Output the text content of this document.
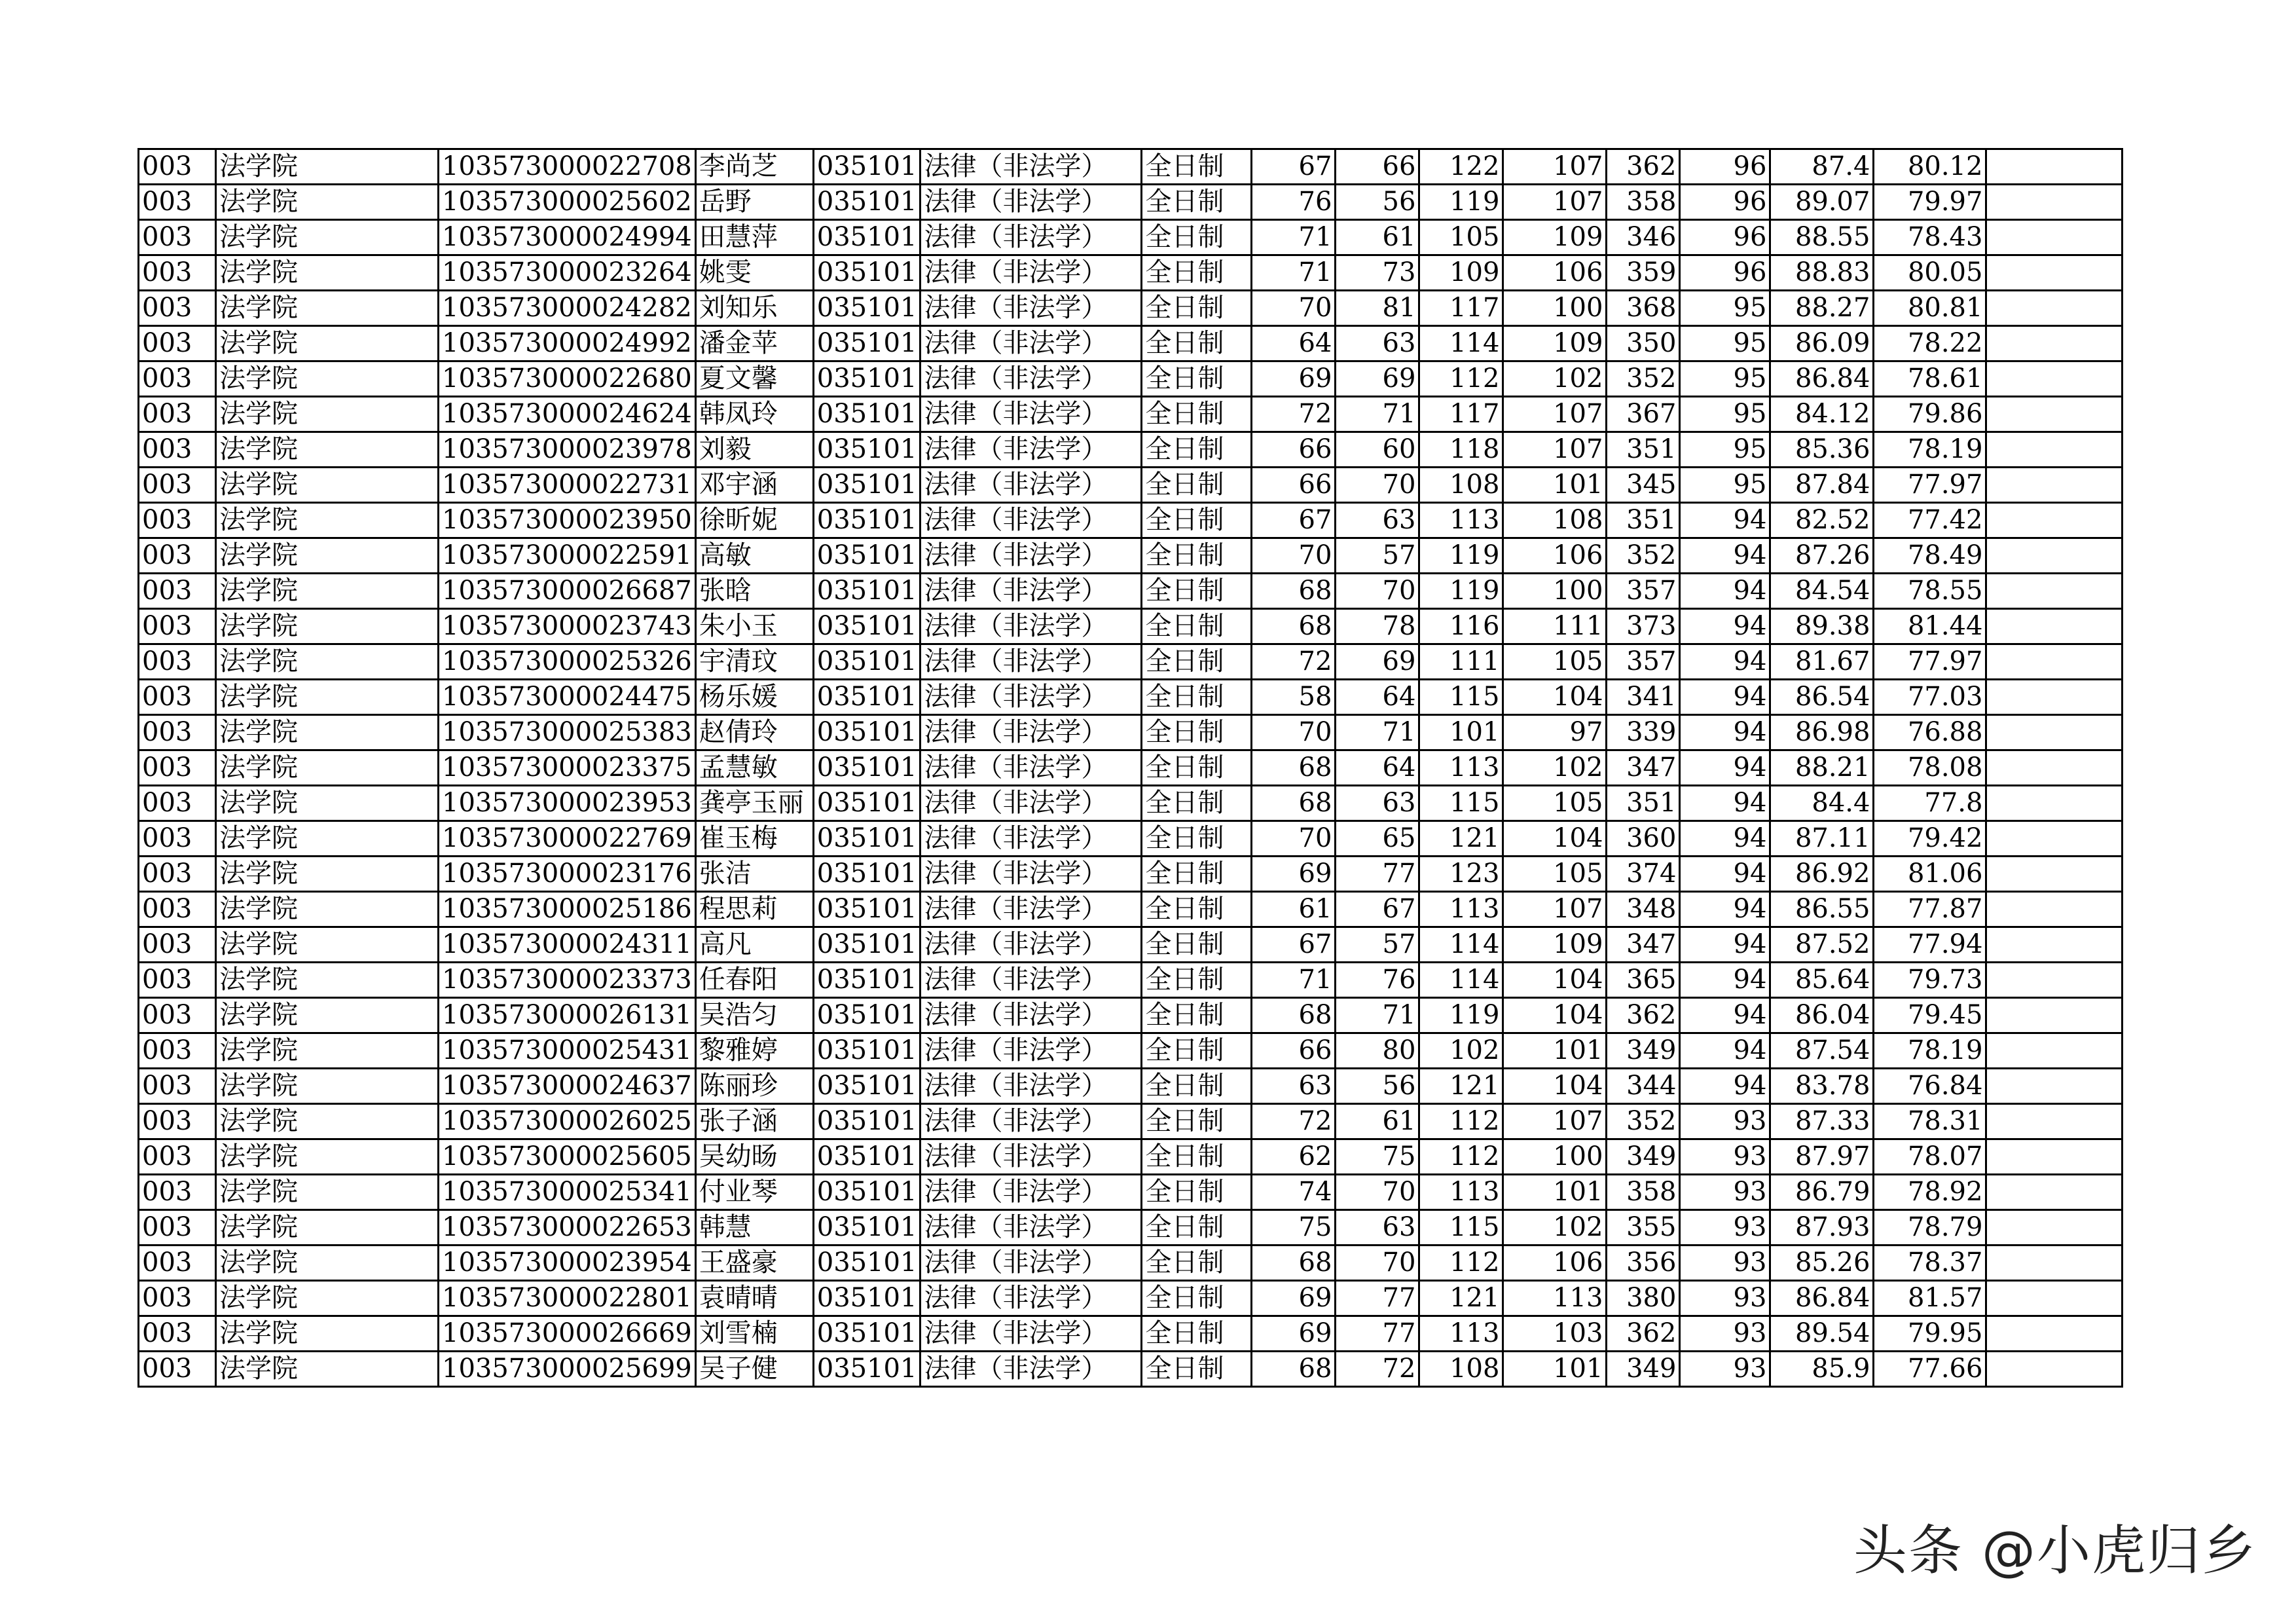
003	法学院	103573000022708	李尚芝	035101	法律（非法学）	全日制	67	66	122	107	362	96	87.4	80.12	
003	法学院	103573000025602	岳野	035101	法律（非法学）	全日制	76	56	119	107	358	96	89.07	79.97	
003	法学院	103573000024994	田慧萍	035101	法律（非法学）	全日制	71	61	105	109	346	96	88.55	78.43	
003	法学院	103573000023264	姚雯	035101	法律（非法学）	全日制	71	73	109	106	359	96	88.83	80.05	
003	法学院	103573000024282	刘知乐	035101	法律（非法学）	全日制	70	81	117	100	368	95	88.27	80.81	
003	法学院	103573000024992	潘金苹	035101	法律（非法学）	全日制	64	63	114	109	350	95	86.09	78.22	
003	法学院	103573000022680	夏文馨	035101	法律（非法学）	全日制	69	69	112	102	352	95	86.84	78.61	
003	法学院	103573000024624	韩凤玲	035101	法律（非法学）	全日制	72	71	117	107	367	95	84.12	79.86	
003	法学院	103573000023978	刘毅	035101	法律（非法学）	全日制	66	60	118	107	351	95	85.36	78.19	
003	法学院	103573000022731	邓宇涵	035101	法律（非法学）	全日制	66	70	108	101	345	95	87.84	77.97	
003	法学院	103573000023950	徐昕妮	035101	法律（非法学）	全日制	67	63	113	108	351	94	82.52	77.42	
003	法学院	103573000022591	高敏	035101	法律（非法学）	全日制	70	57	119	106	352	94	87.26	78.49	
003	法学院	103573000026687	张晗	035101	法律（非法学）	全日制	68	70	119	100	357	94	84.54	78.55	
003	法学院	103573000023743	朱小玉	035101	法律（非法学）	全日制	68	78	116	111	373	94	89.38	81.44	
003	法学院	103573000025326	宇清玟	035101	法律（非法学）	全日制	72	69	111	105	357	94	81.67	77.97	
003	法学院	103573000024475	杨乐媛	035101	法律（非法学）	全日制	58	64	115	104	341	94	86.54	77.03	
003	法学院	103573000025383	赵倩玲	035101	法律（非法学）	全日制	70	71	101	97	339	94	86.98	76.88	
003	法学院	103573000023375	孟慧敏	035101	法律（非法学）	全日制	68	64	113	102	347	94	88.21	78.08	
003	法学院	103573000023953	龚亭玉丽	035101	法律（非法学）	全日制	68	63	115	105	351	94	84.4	77.8	
003	法学院	103573000022769	崔玉梅	035101	法律（非法学）	全日制	70	65	121	104	360	94	87.11	79.42	
003	法学院	103573000023176	张洁	035101	法律（非法学）	全日制	69	77	123	105	374	94	86.92	81.06	
003	法学院	103573000025186	程思莉	035101	法律（非法学）	全日制	61	67	113	107	348	94	86.55	77.87	
003	法学院	103573000024311	高凡	035101	法律（非法学）	全日制	67	57	114	109	347	94	87.52	77.94	
003	法学院	103573000023373	任春阳	035101	法律（非法学）	全日制	71	76	114	104	365	94	85.64	79.73	
003	法学院	103573000026131	吴浩匀	035101	法律（非法学）	全日制	68	71	119	104	362	94	86.04	79.45	
003	法学院	103573000025431	黎雅婷	035101	法律（非法学）	全日制	66	80	102	101	349	94	87.54	78.19	
003	法学院	103573000024637	陈丽珍	035101	法律（非法学）	全日制	63	56	121	104	344	94	83.78	76.84	
003	法学院	103573000026025	张子涵	035101	法律（非法学）	全日制	72	61	112	107	352	93	87.33	78.31	
003	法学院	103573000025605	吴幼旸	035101	法律（非法学）	全日制	62	75	112	100	349	93	87.97	78.07	
003	法学院	103573000025341	付业琴	035101	法律（非法学）	全日制	74	70	113	101	358	93	86.79	78.92	
003	法学院	103573000022653	韩慧	035101	法律（非法学）	全日制	75	63	115	102	355	93	87.93	78.79	
003	法学院	103573000023954	王盛豪	035101	法律（非法学）	全日制	68	70	112	106	356	93	85.26	78.37	
003	法学院	103573000022801	袁晴晴	035101	法律（非法学）	全日制	69	77	121	113	380	93	86.84	81.57	
003	法学院	103573000026669	刘雪楠	035101	法律（非法学）	全日制	69	77	113	103	362	93	89.54	79.95	
003	法学院	103573000025699	吴子健	035101	法律（非法学）	全日制	68	72	108	101	349	93	85.9	77.66	
头条 @小虎归乡
